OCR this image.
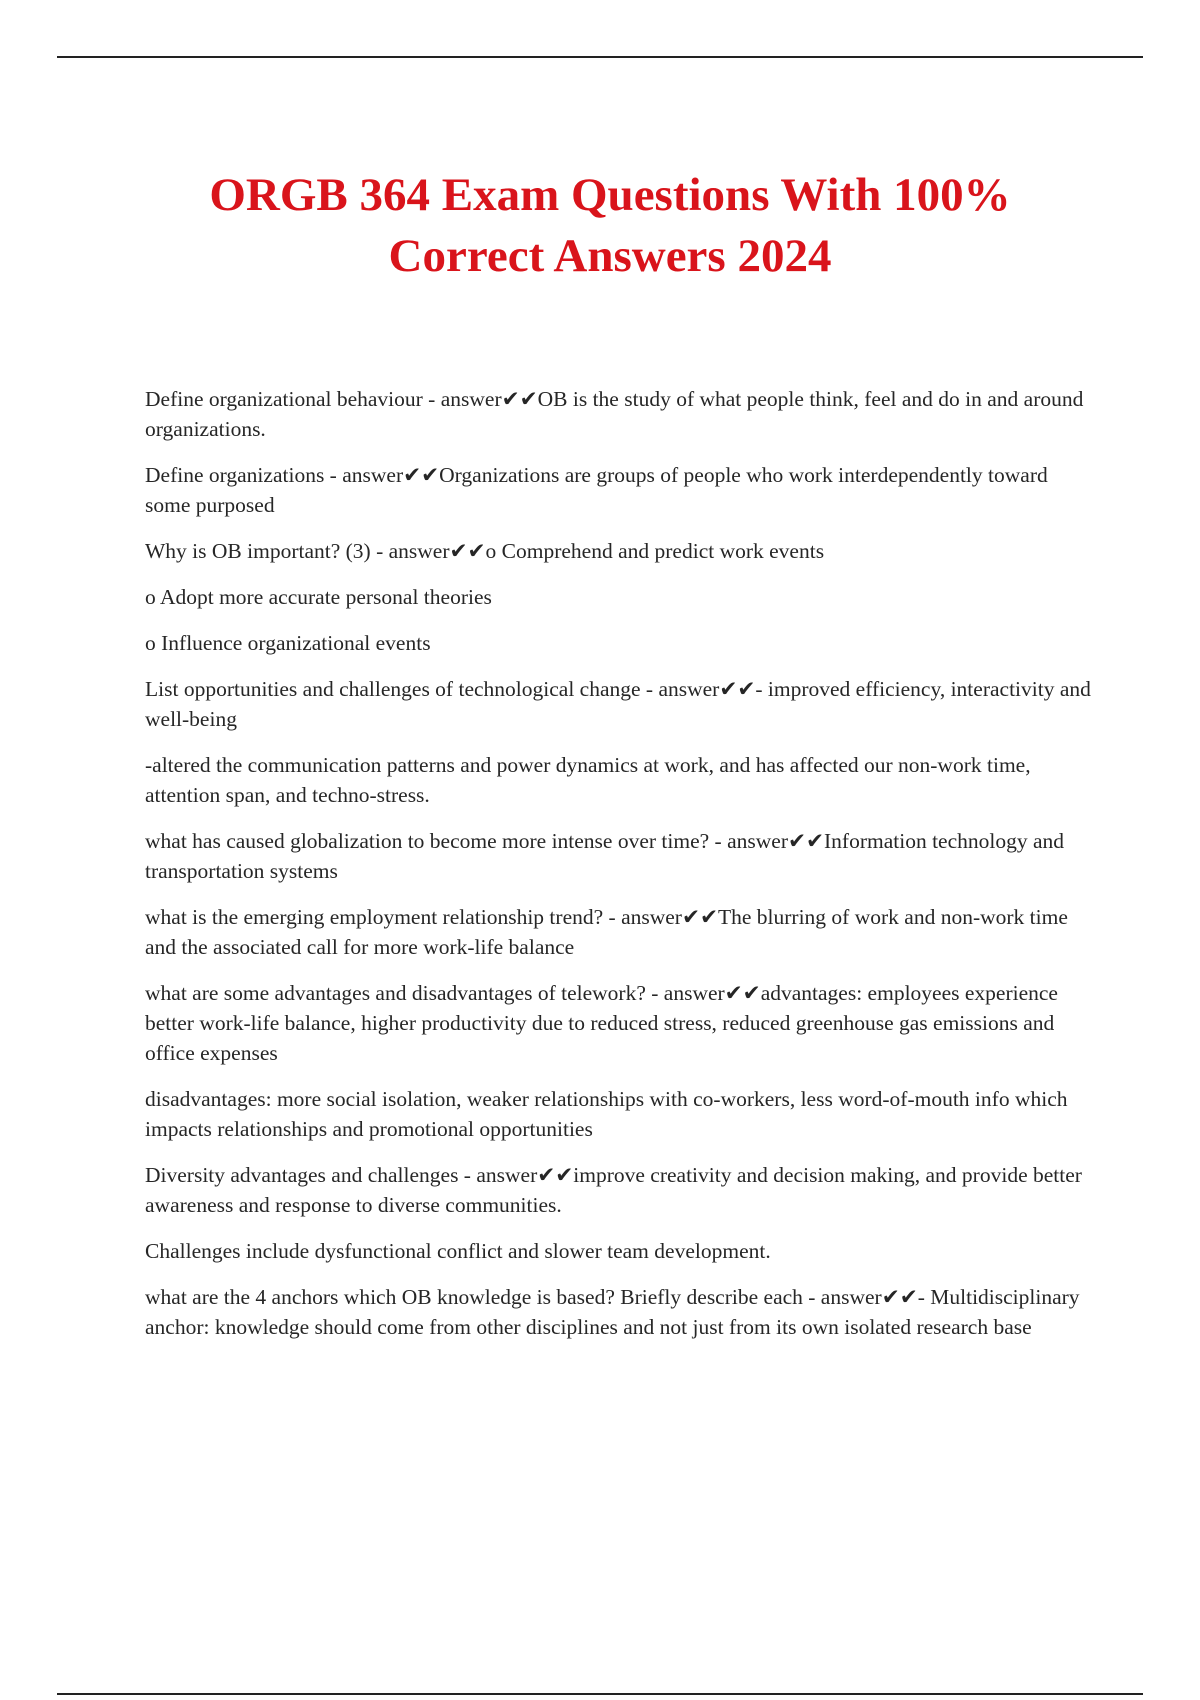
ORGB 364 Exam Questions With 100% Correct Answers 2024

Define organizational behaviour - answer✔✔OB is the study of what people think, feel and do in and around organizations.

Define organizations - answer✔✔Organizations are groups of people who work interdependently toward some purposed

Why is OB important? (3) - answer✔✔o Comprehend and predict work events

o Adopt more accurate personal theories

o Influence organizational events

List opportunities and challenges of technological change - answer✔✔- improved efficiency, interactivity and well-being

-altered the communication patterns and power dynamics at work, and has affected our non-work time, attention span, and techno-stress.

what has caused globalization to become more intense over time? - answer✔✔Information technology and transportation systems

what is the emerging employment relationship trend? - answer✔✔The blurring of work and non-work time and the associated call for more work-life balance

what are some advantages and disadvantages of telework? - answer✔✔advantages: employees experience better work-life balance, higher productivity due to reduced stress, reduced greenhouse gas emissions and office expenses

disadvantages: more social isolation, weaker relationships with co-workers, less word-of-mouth info which impacts relationships and promotional opportunities

Diversity advantages and challenges - answer✔✔improve creativity and decision making, and provide better awareness and response to diverse communities.

Challenges include dysfunctional conflict and slower team development.

what are the 4 anchors which OB knowledge is based? Briefly describe each - answer✔✔- Multidisciplinary anchor: knowledge should come from other disciplines and not just from its own isolated research base
